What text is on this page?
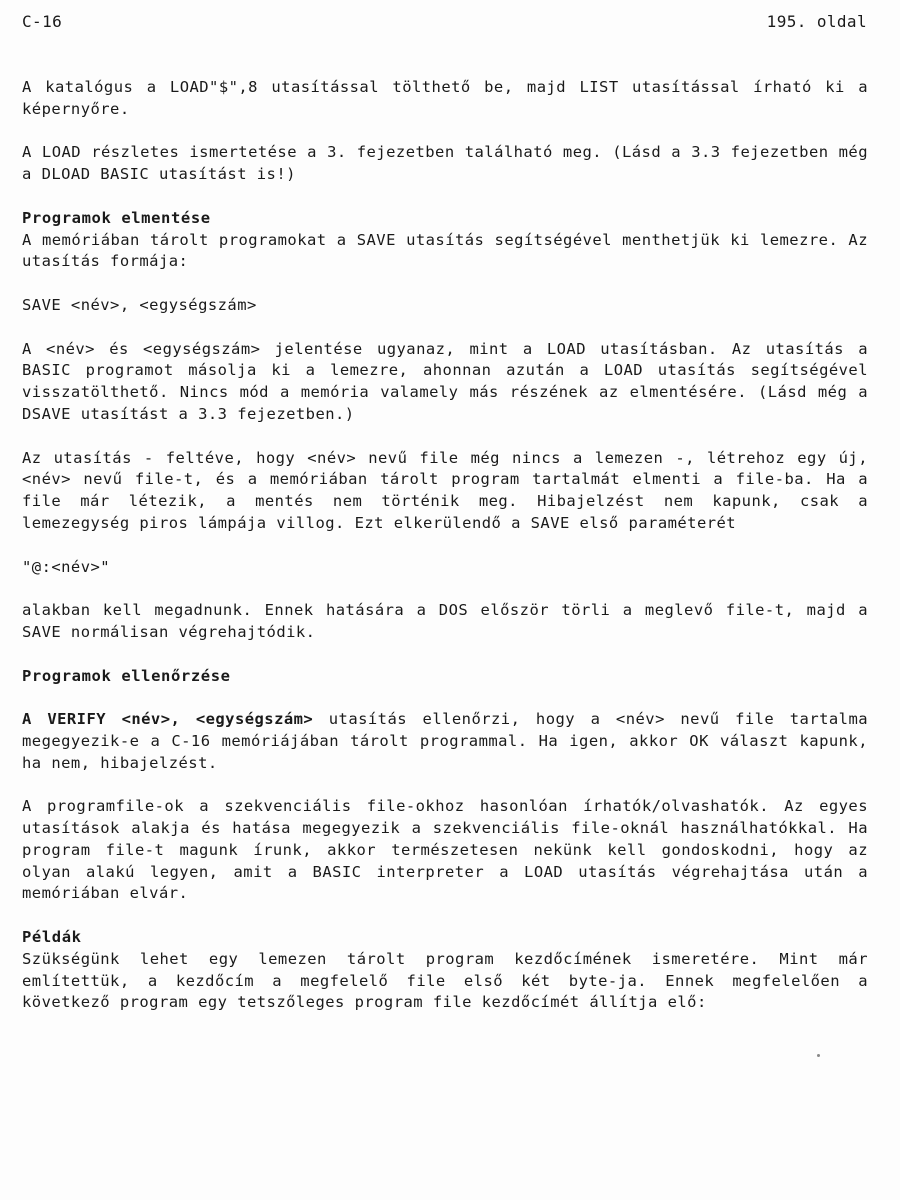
C-16	195. oldal

A katalógus a LOAD"$",8 utasítással tölthető be, majd LIST utasítással írható ki a képernyőre.

A LOAD részletes ismertetése a 3. fejezetben található meg. (Lásd a 3.3 fejezetben még a DLOAD BASIC utasítást is!)

Programok elmentése

A memóriában tárolt programokat a SAVE utasítás segítségével menthetjük ki lemezre. Az utasítás formája:

SAVE <név>, <egységszám>

A <név> és <egységszám> jelentése ugyanaz, mint a LOAD utasításban. Az utasítás a BASIC programot másolja ki a lemezre, ahonnan azután a LOAD utasítás segítségével visszatölthető. Nincs mód a memória valamely más részének az elmentésére. (Lásd még a DSAVE utasítást a 3.3 fejezetben.)

Az utasítás - feltéve, hogy <név> nevű file még nincs a lemezen -, létrehoz egy új, <név> nevű file-t, és a memóriában tárolt program tartalmát elmenti a file-ba. Ha a file már létezik, a mentés nem történik meg. Hibajelzést nem kapunk, csak a lemezegység piros lámpája villog. Ezt elkerülendő a SAVE első paraméterét

"@:<név>"

alakban kell megadnunk. Ennek hatására a DOS először törli a meglevő file-t, majd a SAVE normálisan végrehajtódik.

Programok ellenőrzése

A VERIFY <név>, <egységszám> utasítás ellenőrzi, hogy a <név> nevű file tartalma megegyezik-e a C-16 memóriájában tárolt programmal. Ha igen, akkor OK választ kapunk, ha nem, hibajelzést.

A programfile-ok a szekvenciális file-okhoz hasonlóan írhatók/olvashatók. Az egyes utasítások alakja és hatása megegyezik a szekvenciális file-oknál használhatókkal. Ha program file-t magunk írunk, akkor természetesen nekünk kell gondoskodni, hogy az olyan alakú legyen, amit a BASIC interpreter a LOAD utasítás végrehajtása után a memóriában elvár.

Példák

Szükségünk lehet egy lemezen tárolt program kezdőcímének ismeretére. Mint már említettük, a kezdőcím a megfelelő file első két byte-ja. Ennek megfelelően a következő program egy tetszőleges program file kezdőcímét állítja elő:
